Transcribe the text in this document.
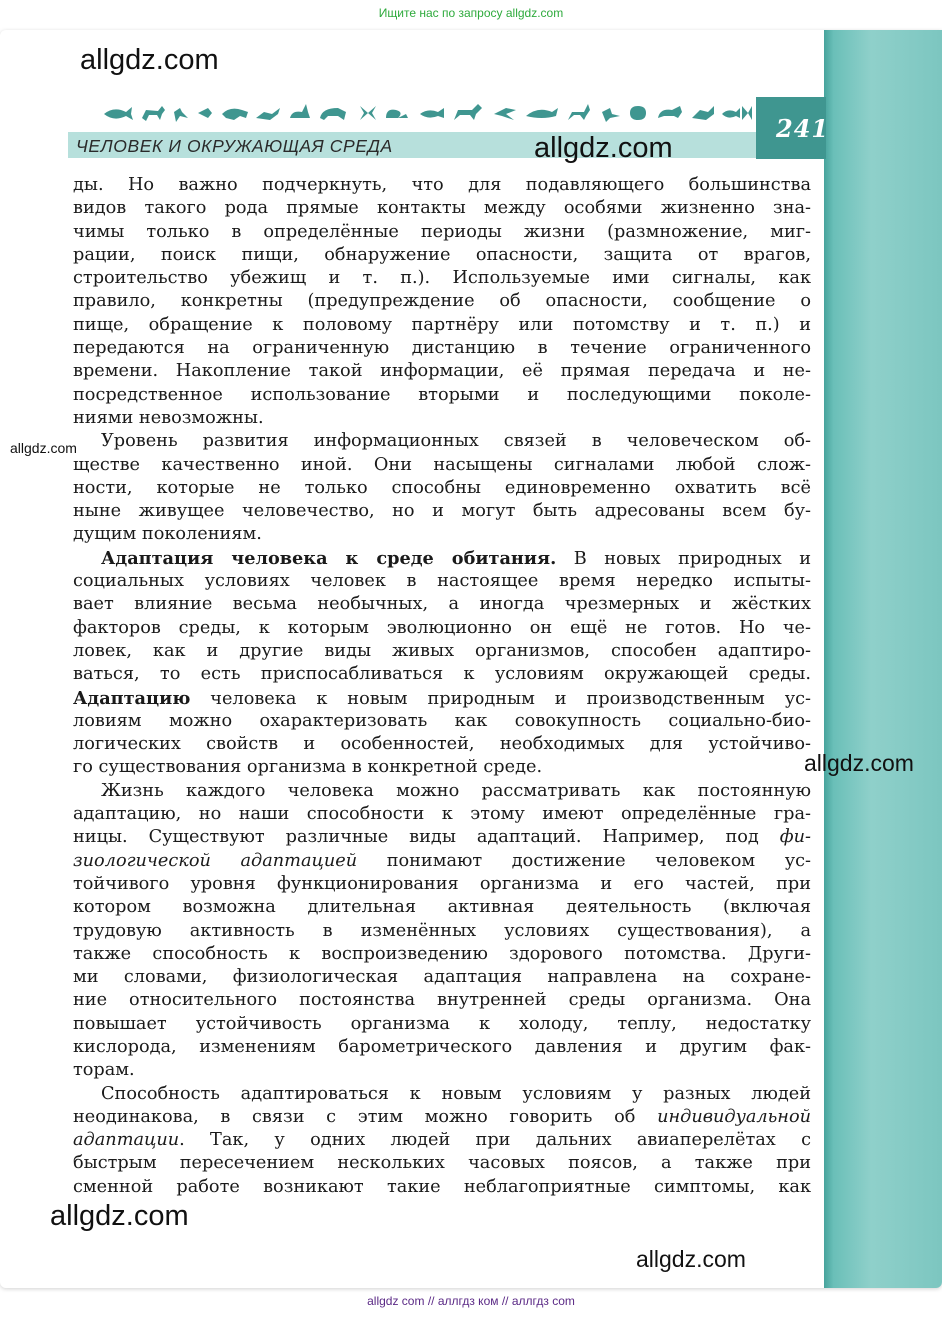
Ищите нас по запросу allgdz.com
ЧЕЛОВЕК И ОКРУЖАЮЩАЯ СРЕДА
241
allgdz.com
allgdz.com
allgdz.com
allgdz.com
allgdz.com
allgdz.com
ды. Но важно подчеркнуть, что для подавляющего большинства
видов такого рода прямые контакты между особями жизненно зна-
чимы только в определённые периоды жизни (размножение, миг-
рации, поиск пищи, обнаружение опасности, защита от врагов,
строительство убежищ и т. п.). Используемые ими сигналы, как
правило, конкретны (предупреждение об опасности, сообщение о
пище, обращение к половому партнёру или потомству и т. п.) и
передаются на ограниченную дистанцию в течение ограниченного
времени. Накопление такой информации, её прямая передача и не-
посредственное использование вторыми и последующими поколе-
ниями невозможны.
Уровень развития информационных связей в человеческом об-
ществе качественно иной. Они насыщены сигналами любой слож-
ности, которые не только способны единовременно охватить всё
ныне живущее человечество, но и могут быть адресованы всем бу-
дущим поколениям.
Адаптация человека к среде обитания. В новых природных и
социальных условиях человек в настоящее время нередко испыты-
вает влияние весьма необычных, а иногда чрезмерных и жёстких
факторов среды, к которым эволюционно он ещё не готов. Но че-
ловек, как и другие виды живых организмов, способен адаптиро-
ваться, то есть приспосабливаться к условиям окружающей среды.
Адаптацию человека к новым природным и производственным ус-
ловиям можно охарактеризовать как совокупность социально-био-
логических свойств и особенностей, необходимых для устойчиво-
го существования организма в конкретной среде.
Жизнь каждого человека можно рассматривать как постоянную
адаптацию, но наши способности к этому имеют определённые гра-
ницы. Существуют различные виды адаптаций. Например, под фи-
зиологической адаптацией понимают достижение человеком ус-
тойчивого уровня функционирования организма и его частей, при
котором возможна длительная активная деятельность (включая
трудовую активность в изменённых условиях существования), а
также способность к воспроизведению здорового потомства. Други-
ми словами, физиологическая адаптация направлена на сохране-
ние относительного постоянства внутренней среды организма. Она
повышает устойчивость организма к холоду, теплу, недостатку
кислорода, изменениям барометрического давления и другим фак-
торам.
Способность адаптироваться к новым условиям у разных людей
неодинакова, в связи с этим можно говорить об индивидуальной
адаптации. Так, у одних людей при дальних авиаперелётах с
быстрым пересечением нескольких часовых поясов, а также при
сменной работе возникают такие неблагоприятные симптомы, как
allgdz com // аллгдз ком // аллгдз com
